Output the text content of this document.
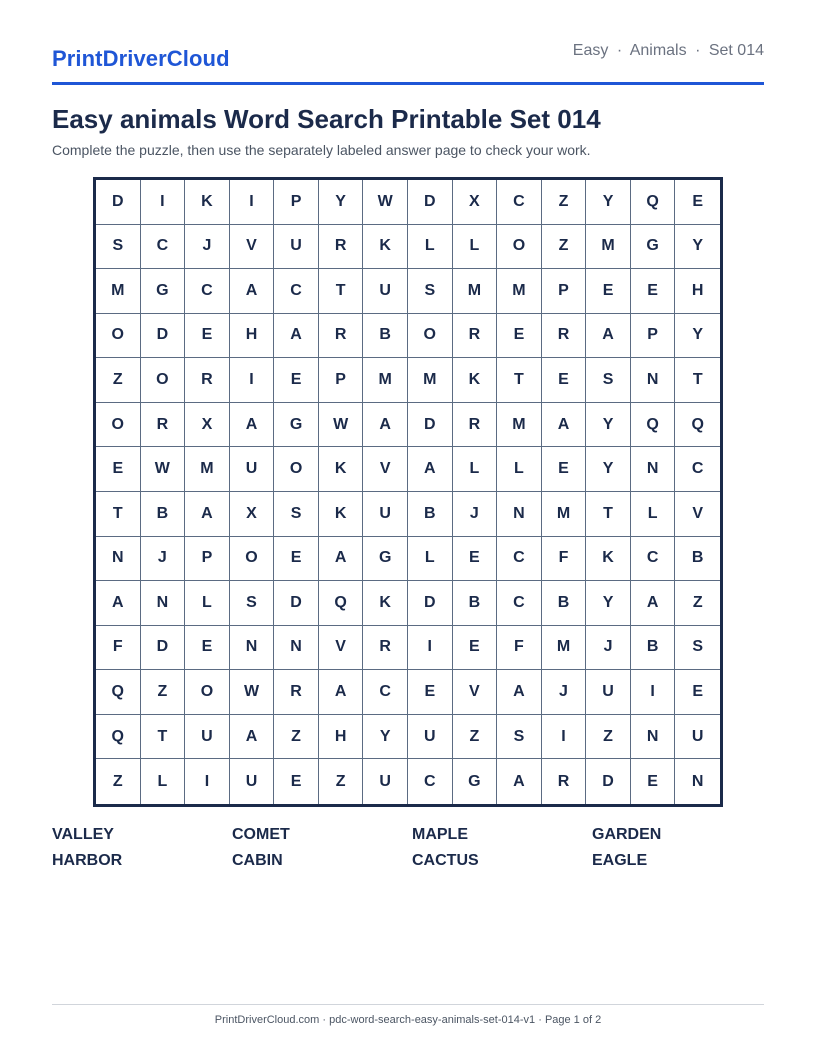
PrintDriverCloud	Easy · Animals · Set 014
Easy animals Word Search Printable Set 014
Complete the puzzle, then use the separately labeled answer page to check your work.
D	I	K	I	P	Y	W	D	X	C	Z	Y	Q	E
S	C	J	V	U	R	K	L	L	O	Z	M	G	Y
M	G	C	A	C	T	U	S	M	M	P	E	E	H
O	D	E	H	A	R	B	O	R	E	R	A	P	Y
Z	O	R	I	E	P	M	M	K	T	E	S	N	T
O	R	X	A	G	W	A	D	R	M	A	Y	Q	Q
E	W	M	U	O	K	V	A	L	L	E	Y	N	C
T	B	A	X	S	K	U	B	J	N	M	T	L	V
N	J	P	O	E	A	G	L	E	C	F	K	C	B
A	N	L	S	D	Q	K	D	B	C	B	Y	A	Z
F	D	E	N	N	V	R	I	E	F	M	J	B	S
Q	Z	O	W	R	A	C	E	V	A	J	U	I	E
Q	T	U	A	Z	H	Y	U	Z	S	I	Z	N	U
Z	L	I	U	E	Z	U	C	G	A	R	D	E	N
VALLEY	COMET	MAPLE	GARDEN
HARBOR	CABIN	CACTUS	EAGLE
PrintDriverCloud.com · pdc-word-search-easy-animals-set-014-v1 · Page 1 of 2
